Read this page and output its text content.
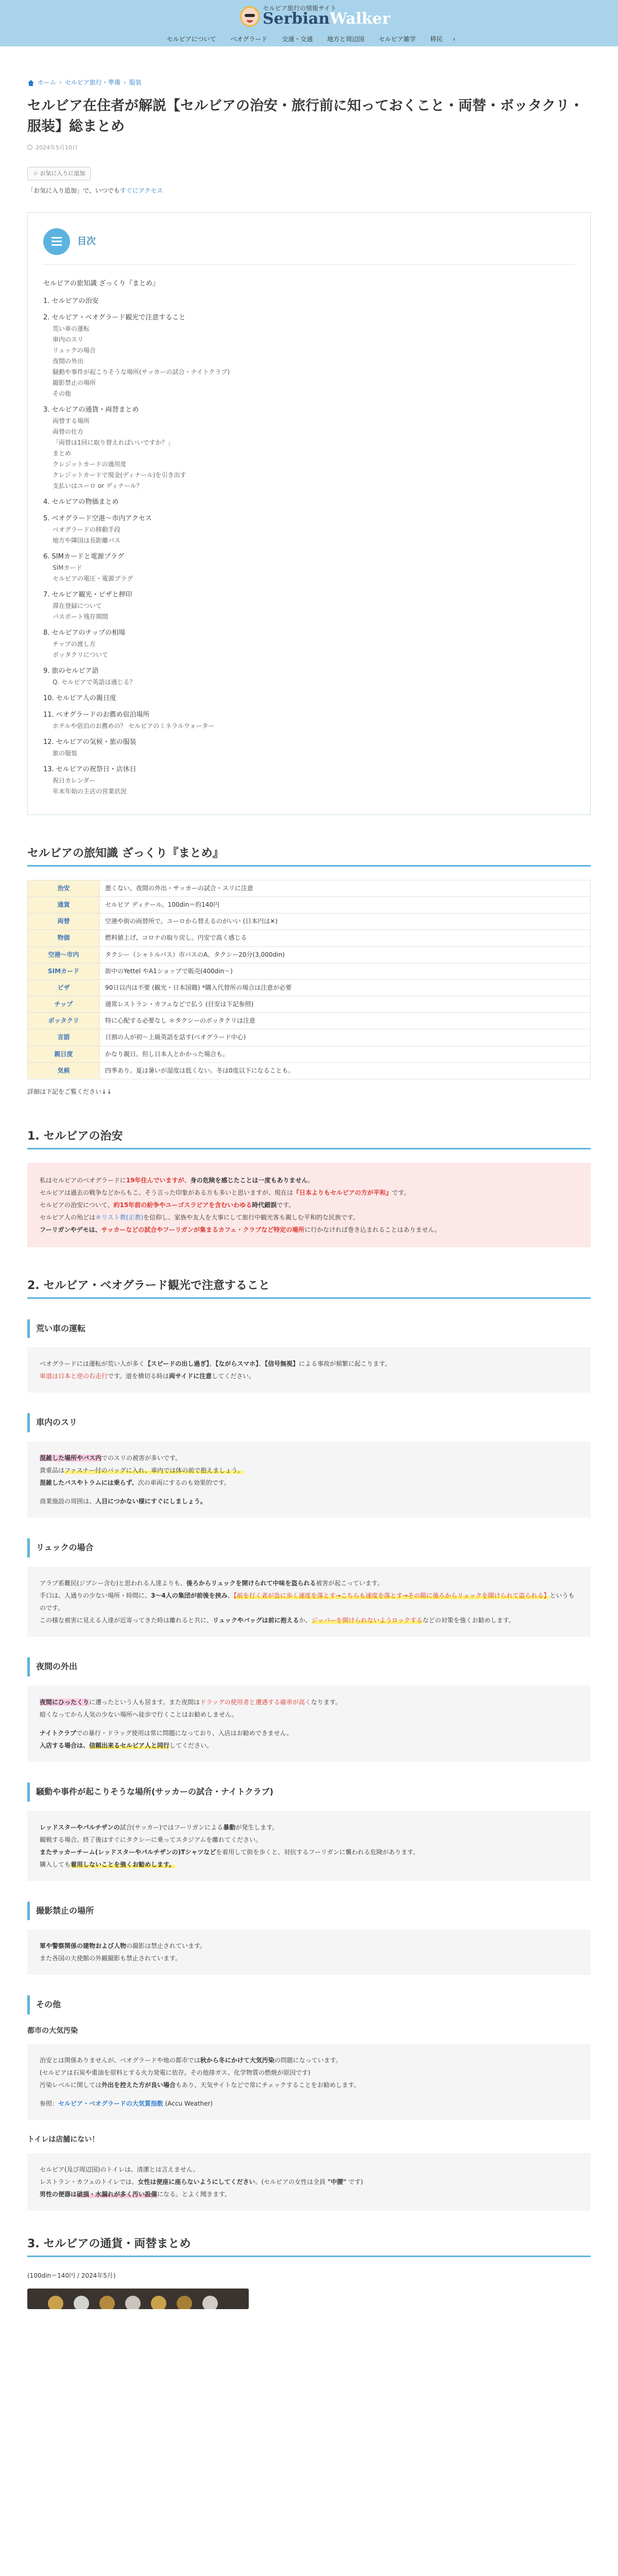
セルビア旅行の情報サイト
SerbianWalker
セルビアについて	ベオグラード	交通・交通	地方と周辺国	セルビア雑学	移民	›
ホーム › セルビア旅行・準備 › 服装
セルビア在住者が解説【セルビアの治安・旅行前に知っておくこと・両替・ボッタクリ・服装】総まとめ
2024年5月10日
☆ お気に入りに追加

「お気に入り追加」で、いつでもすぐにアクセス

目次
セルビアの旅知識 ざっくり『まとめ』
1. セルビアの治安
2. セルビア・ベオグラード観光で注意すること
荒い車の運転
車内のスリ
リュックの場合
夜間の外出
騒動や事件が起こりそうな場所(サッカーの試合・ナイトクラブ)
撮影禁止の場所
その他
3. セルビアの通貨・両替まとめ
両替する場所
両替の仕方
「両替は1回に取り替えればいいですか？」
まとめ
クレジットカードの通用度
クレジットカードで現金(ディナール)を引き出す
支払いはユーロ or ディナール？
4. セルビアの物価まとめ
5. ベオグラード空港〜市内アクセス
ベオグラードの移動手段
地方や隣国は長距離バス
6. SIMカードと電源プラグ
SIMカード
セルビアの電圧・電源プラグ
7. セルビア観光・ビザと押印
滞在登録について
パスポート残存期間
8. セルビアのチップの相場
チップの渡し方
ボッタクリについて
9. 旅のセルビア語
Q. セルビアで英語は通じる？
10. セルビア人の親日度
11. ベオグラードのお薦め宿泊場所
ホテルや宿泊のお薦めの？ セルビアのミネラルウォーター
12. セルビアの気候・旅の服装
旅の服装
13. セルビアの祝祭日・店休日
祝日カレンダー
年末年始の主店の営業状況
セルビアの旅知識 ざっくり『まとめ』
治安	悪くない。夜間の外出・サッカーの試合・スリに注意
通貨	セルビア ディナール。100din＝約140円
両替	空港や街の両替所で。ユーロから替えるのがいい (日本円は✕)
物価	燃料値上げ、コロナの取り戻し。円安で高く感じる
空港〜市内	タクシー（シャトルバス）市バスのA。タクシー20分(3,000din)
SIMカード	街中のYettel やA1ショップで販売(400din〜)
ビザ	90日以内は不要 (観光・日本国籍) *購入代替所の場合は注意が必要
チップ	通常レストラン・カフェなどで払う (目安は下記参照)
ボッタクリ	特に心配する必要なし ＊タクシーのボッタクリは注意
言語	日割の人が初〜上級英語を話す(ベオグラード中心)
親日度	かなり親日。但し日本人とかかった場合も。
気候	四季あり。夏は暑いが湿度は低くない。冬は0度以下になることも。

詳細は下記をご覧ください↓↓

1. セルビアの治安

私はセルビアのベオグラードに19年住んでいますが、身の危険を感じたことは一度もありません。

セルビアは過去の戦争などからもこ、そう言った印象がある方も多いと思いますが、現在は『日本よりもセルビアの方が平和』です。

セルビアの治安について、約15年前の紛争やユーゴスラビアを含むいわゆる時代錯誤です。

セルビア人の殆どはキリスト教(正教)を信仰し、家族や友人を大事にして旅行中観光客も親しむ平和的な民族です。

フーリガンやデモは、サッカーなどの試合やフーリガンが集まるカフェ・クラブなど特定の場所に行かなければ巻き込まれることはありません。

2. セルビア・ベオグラード観光で注意すること
荒い車の運転

ベオグラードには運転が荒い人が多く【スピードの出し過ぎ】、【ながらスマホ】、【信号無視】による事故が頻繁に起こります。

車道は日本と逆の右走行です。道を横切る時は両サイドに注意してください。

車内のスリ

混雑した場所やバス内でのスリの被害が多いです。

貴重品はファスナー付のバッグに入れ、車内では体の前で抱えましょう。

混雑したバスやトラムには乗らず、次の車両にするのも効果的です。

商業施設の周囲は、人目につかない様にすぐにしましょう。

リュックの場合

アラブ系難民(ジプシー含む)と思われる人達よりも、後ろからリュックを開けられて中味を盗られる被害が起こっています。

手口は、人通りの少ない場所・時間に、3〜4人の集団が前後を挟み、【前を行く者が急に歩く速度を落とす→こちらも速度を落とす→その隙に後ろからリュックを開けられて盗られる】というものです。

この様な被害に見える人達が近寄ってきた時は離れると共に、リュックやバッグは前に抱えるか、ジッパーを開けられないようロックするなどの対策を強くお勧めします。

夜間の外出

夜間にひったくりに遭ったという人も居ます。また夜間はドラッグの使用者と遭遇する確率が高くなります。

暗くなってから人気の少ない場所へ徒歩で行くことはお勧めしません。

ナイトクラブでの暴行・ドラッグ使用は常に問題になっており、入店はお勧めできません。

入店する場合は、信頼出来るセルビア人と同行してください。

騒動や事件が起こりそうな場所(サッカーの試合・ナイトクラブ)

レッドスターやパルチザンの試合(サッカー)ではフーリガンによる暴動が発生します。

観戦する場合、終了後はすぐにタクシーに乗ってスタジアムを離れてください。

またサッカーチーム(レッドスターやパルチザンの)Tシャツなどを着用して街を歩くと、対抗するフーリガンに襲われる危険があります。

購入しても着用しないことを強くお勧めします。

撮影禁止の場所

軍や警察関係の建物および人物の撮影は禁止されています。

また各国の大使館の外観撮影も禁止されています。

その他

都市の大気汚染

治安とは関係ありませんが、ベオグラードや地の都市では秋から冬にかけて大気汚染の問題になっています。

(セルビアは石炭や重油を原料とする火力発電に依存。その他排ガス、化学物質の燃焼が原因です)

汚染レベルに関しては外出を控えた方が良い場合もあり、天気サイトなどで常にチェックすることをお勧めします。

参照：セルビア・ベオグラードの大気質指数 (Accu Weather)

トイレは店舗にない！

セルビア(及び周辺国)のトイレは、清潔とは言えません。

レストラン・カフェのトイレでは、女性は便座に座らないようにしてください。(セルビアの女性は全員 "中腰" です)

男性の便器は破損・水漏れが多く汚い設備になる。とよく聞きます。

3. セルビアの通貨・両替まとめ

(100din＝140円 / 2024年5月)
